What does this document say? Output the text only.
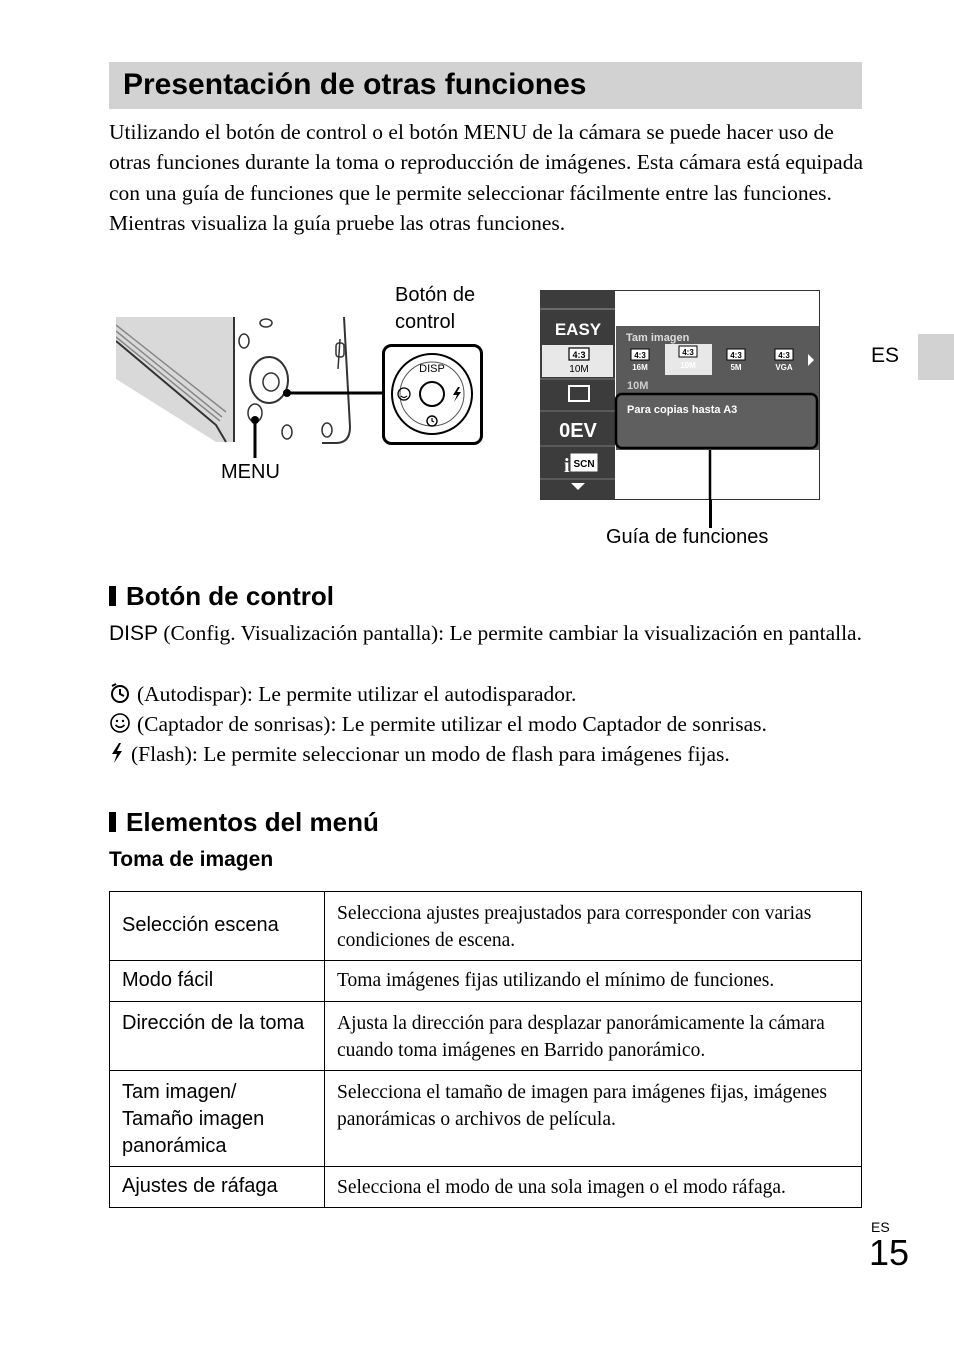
Presentación de otras funciones

Utilizando el botón de control o el botón MENU de la cámara se puede hacer uso de otras funciones durante la toma o reproducción de imágenes. Esta cámara está equipada con una guía de funciones que le permite seleccionar fácilmente entre las funciones. Mientras visualiza la guía pruebe las otras funciones.

ES
DISP
Botón de
control
MENU
EASY
4:3
10M
0EV
i SCN
Tam imagen
4:3
16M
4:3
10M
4:3
5M
4:3
VGA
10M
Para copias hasta A3
Guía de funciones
Botón de control

DISP (Config. Visualización pantalla): Le permite cambiar la visualización en pantalla.

(Autodispar): Le permite utilizar el autodisparador.

(Captador de sonrisas): Le permite utilizar el modo Captador de sonrisas.

(Flash): Le permite seleccionar un modo de flash para imágenes fijas.

Elementos del menú
Toma de imagen
Selección escena	Selecciona ajustes preajustados para corresponder con varias condiciones de escena.
Modo fácil	Toma imágenes fijas utilizando el mínimo de funciones.
Dirección de la toma	Ajusta la dirección para desplazar panorámicamente la cámara cuando toma imágenes en Barrido panorámico.
Tam imagen/ Tamaño imagen panorámica	Selecciona el tamaño de imagen para imágenes fijas, imágenes panorámicas o archivos de película.
Ajustes de ráfaga	Selecciona el modo de una sola imagen o el modo ráfaga.
ES
15
